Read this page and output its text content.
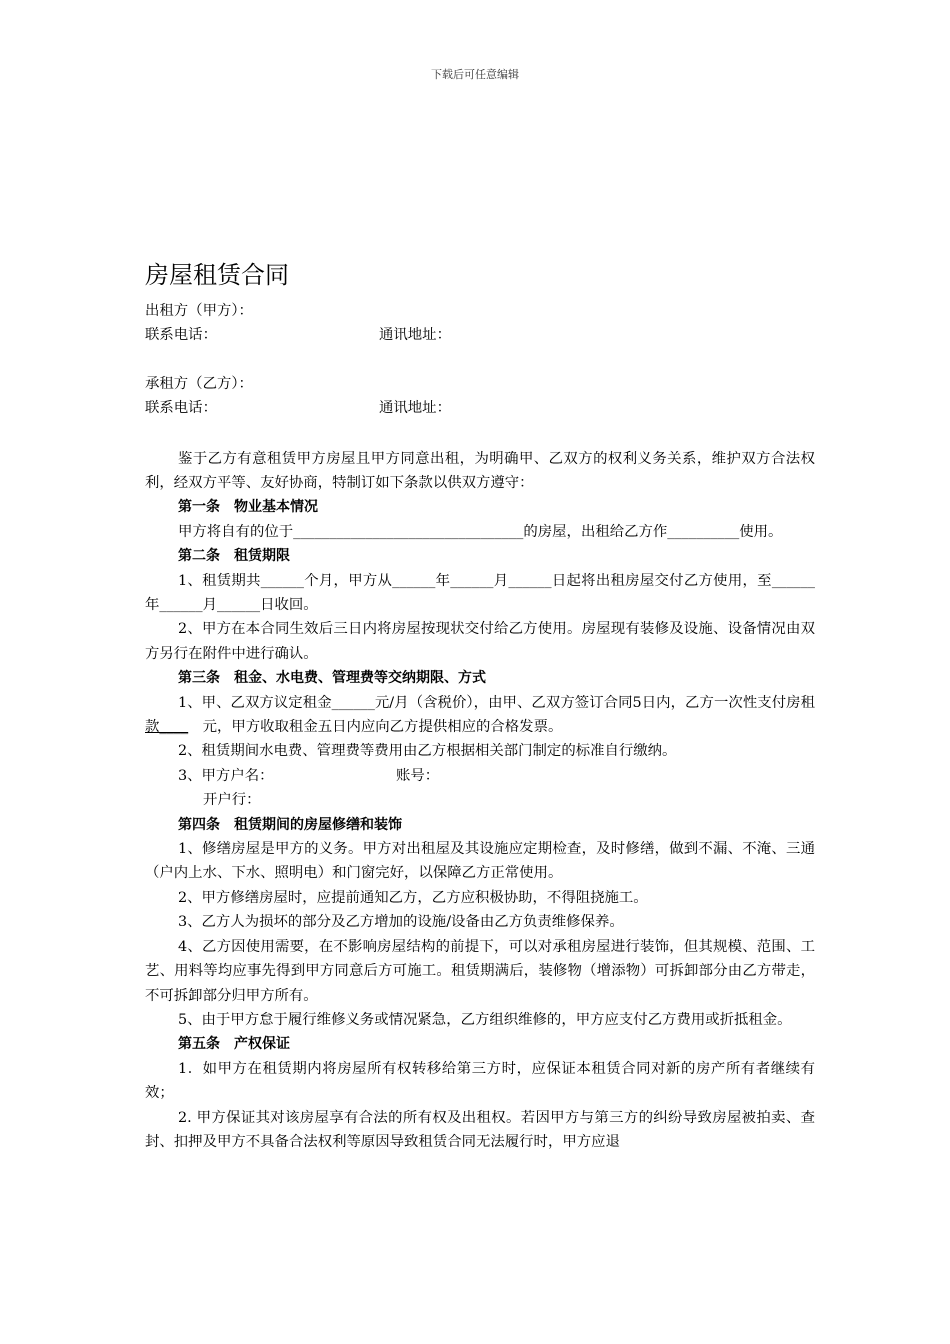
下载后可任意编辑
房屋租赁合同
出租方（甲方）：
联系电话：	通讯地址：
承租方（乙方）：
联系电话：	通讯地址：
鉴于乙方有意租赁甲方房屋且甲方同意出租，为明确甲、乙双方的权利义务关系，维护双方合法权利，经双方平等、友好协商，特制订如下条款以供双方遵守：
第一条　物业基本情况
甲方将自有的位于________________________________的房屋，出租给乙方作__________使用。
第二条　租赁期限
1、租赁期共______个月，甲方从______年______月______日起将出租房屋交付乙方使用，至______年______月______日收回。
2、甲方在本合同生效后三日内将房屋按现状交付给乙方使用。房屋现有装修及设施、设备情况由双方另行在附件中进行确认。
第三条　租金、水电费、管理费等交纳期限、方式
1、甲、乙双方议定租金______元/月（含税价），由甲、乙双方签订合同5日内，乙方一次性支付房租款____　元，甲方收取租金五日内应向乙方提供相应的合格发票。
2、租赁期间水电费、管理费等费用由乙方根据相关部门制定的标准自行缴纳。
3、甲方户名：	账号：
开户行：
第四条　租赁期间的房屋修缮和装饰
1、修缮房屋是甲方的义务。甲方对出租屋及其设施应定期检查，及时修缮，做到不漏、不淹、三通（户内上水、下水、照明电）和门窗完好，以保障乙方正常使用。
2、甲方修缮房屋时，应提前通知乙方，乙方应积极协助，不得阻挠施工。
3、乙方人为损坏的部分及乙方增加的设施/设备由乙方负责维修保养。
4、乙方因使用需要，在不影响房屋结构的前提下，可以对承租房屋进行装饰，但其规模、范围、工艺、用料等均应事先得到甲方同意后方可施工。租赁期满后，装修物（增添物）可拆卸部分由乙方带走，不可拆卸部分归甲方所有。
5、由于甲方怠于履行维修义务或情况紧急，乙方组织维修的，甲方应支付乙方费用或折抵租金。
第五条　产权保证
1．如甲方在租赁期内将房屋所有权转移给第三方时，应保证本租赁合同对新的房产所有者继续有效；
2. 甲方保证其对该房屋享有合法的所有权及出租权。若因甲方与第三方的纠纷导致房屋被拍卖、查封、扣押及甲方不具备合法权利等原因导致租赁合同无法履行时，甲方应退
